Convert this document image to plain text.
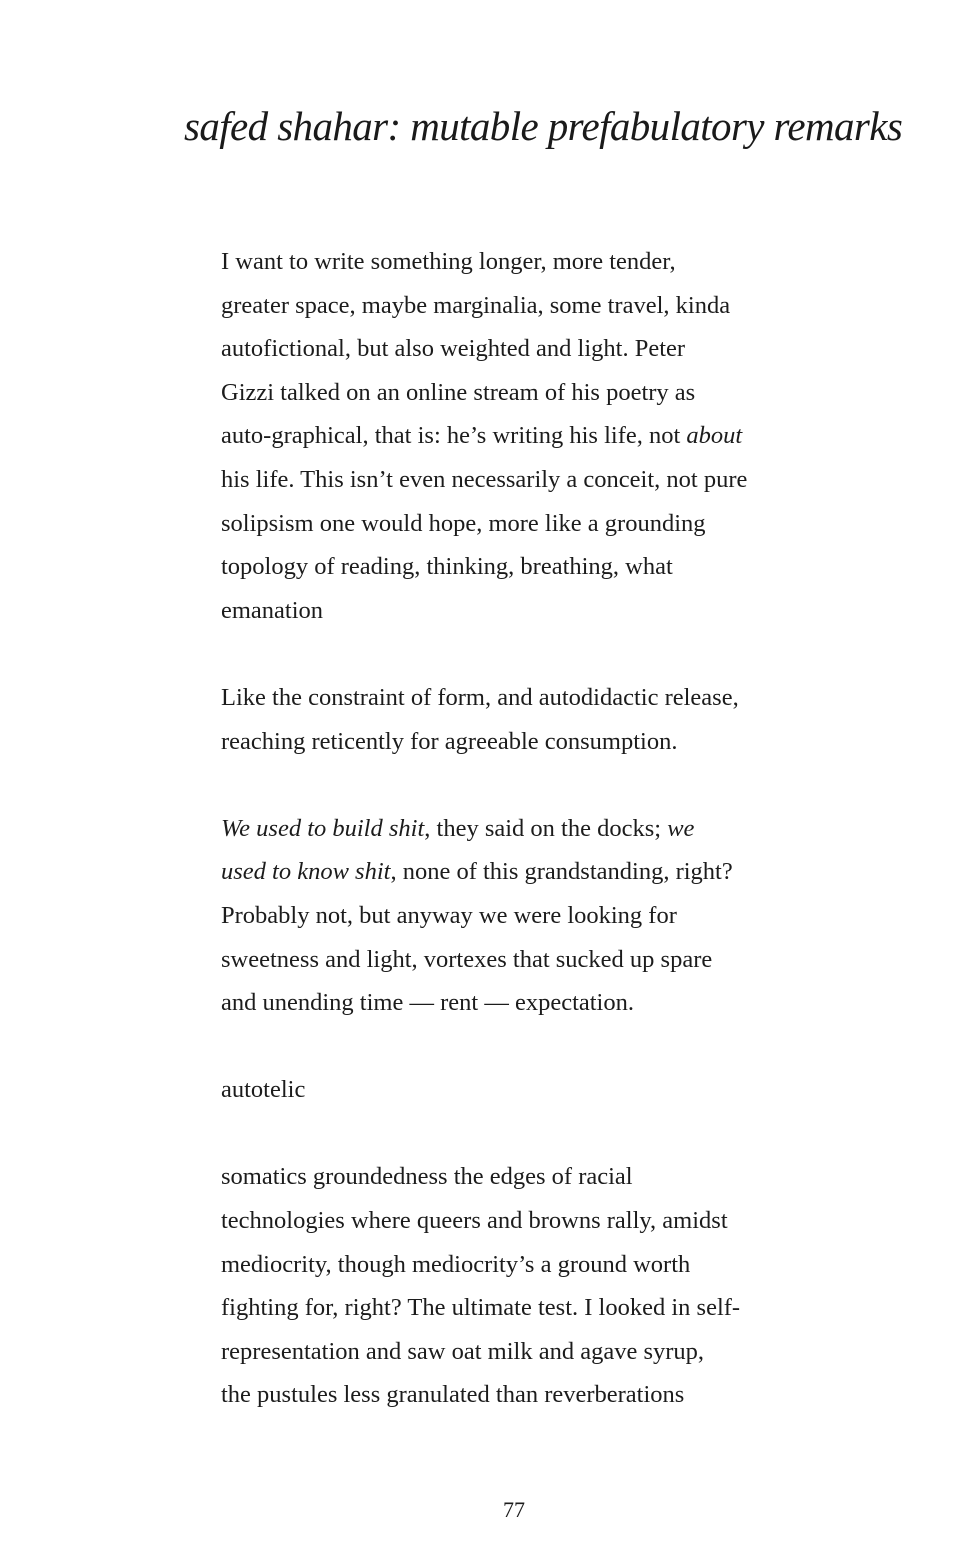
safed shahar: mutable prefabulatory remarks
I want to write something longer, more tender,
greater space, maybe marginalia, some travel, kinda
autofictional, but also weighted and light. Peter
Gizzi talked on an online stream of his poetry as
auto-graphical, that is: he’s writing his life, not about
his life. This isn’t even necessarily a conceit, not pure
solipsism one would hope, more like a grounding
topology of reading, thinking, breathing, what
emanation
Like the constraint of form, and autodidactic release,
reaching reticently for agreeable consumption.
We used to build shit, they said on the docks; we
used to know shit, none of this grandstanding, right?
Probably not, but anyway we were looking for
sweetness and light, vortexes that sucked up spare
and unending time — rent — expectation.
autotelic
somatics groundedness the edges of racial
technologies where queers and browns rally, amidst
mediocrity, though mediocrity’s a ground worth
fighting for, right? The ultimate test. I looked in self-
representation and saw oat milk and agave syrup,
the pustules less granulated than reverberations
77
